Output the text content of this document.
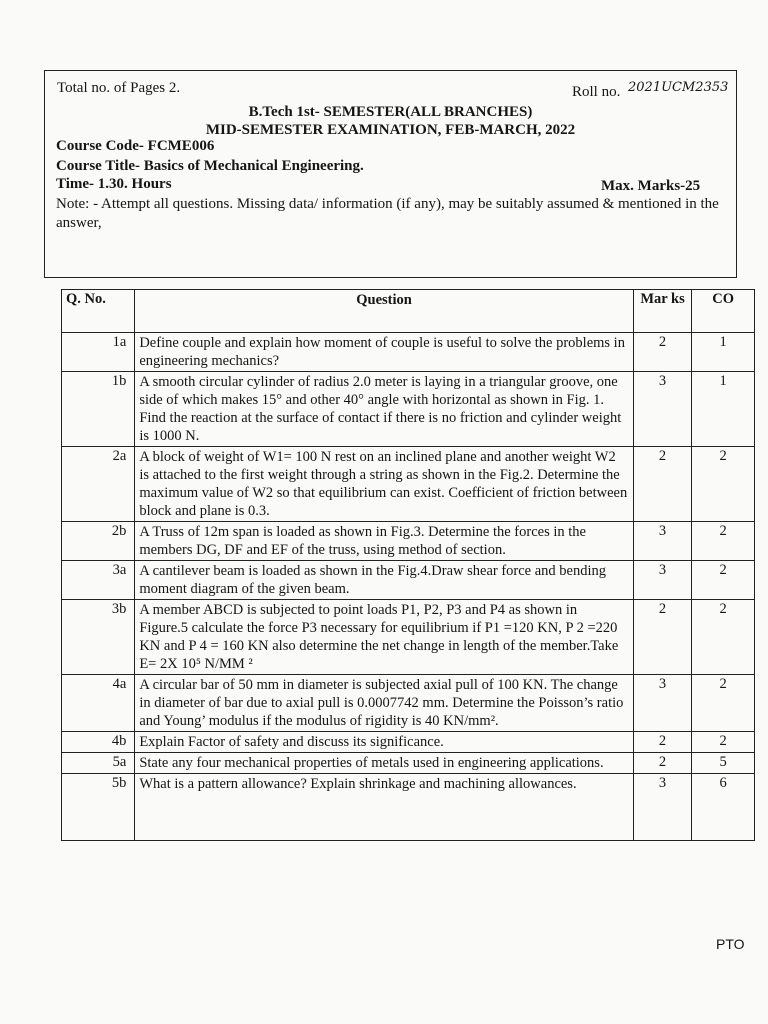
Total no. of Pages 2.	Roll no. 2021UCM2353
B.Tech 1st- SEMESTER(ALL BRANCHES)
MID-SEMESTER EXAMINATION, FEB-MARCH, 2022
Course Code- FCME006
Course Title- Basics of Mechanical Engineering.
Time- 1.30. Hours	Max. Marks-25
Note: - Attempt all questions. Missing data/ information (if any), may be suitably assumed & mentioned in the answer,
Q. No.	Question	Mar ks	CO
1a	Define couple and explain how moment of couple is useful to solve the problems in engineering mechanics?	2	1
1b	A smooth circular cylinder of radius 2.0 meter is laying in a triangular groove, one side of which makes 15° and other 40° angle with horizontal as shown in Fig. 1. Find the reaction at the surface of contact if there is no friction and cylinder weight is 1000 N.	3	1
2a	A block of weight of W1= 100 N rest on an inclined plane and another weight W2 is attached to the first weight through a string as shown in the Fig.2. Determine the maximum value of W2 so that equilibrium can exist. Coefficient of friction between block and plane is 0.3.	2	2
2b	A Truss of 12m span is loaded as shown in Fig.3. Determine the forces in the members DG, DF and EF of the truss, using method of section.	3	2
3a	A cantilever beam is loaded as shown in the Fig.4.Draw shear force and bending moment diagram of the given beam.	3	2
3b	A member ABCD is subjected to point loads P1, P2, P3 and P4 as shown in Figure.5 calculate the force P3 necessary for equilibrium if P1 =120 KN, P 2 =220 KN and P 4 = 160 KN also determine the net change in length of the member.Take E= 2X 10⁵ N/MM ²	2	2
4a	A circular bar of 50 mm in diameter is subjected axial pull of 100 KN. The change in diameter of bar due to axial pull is 0.0007742 mm. Determine the Poisson’s ratio and Young’ modulus if the modulus of rigidity is 40 KN/mm².	3	2
4b	Explain Factor of safety and discuss its significance.	2	2
5a	State any four mechanical properties of metals used in engineering applications.	2	5
5b	What is a pattern allowance? Explain shrinkage and machining allowances.	3	6
PTO
